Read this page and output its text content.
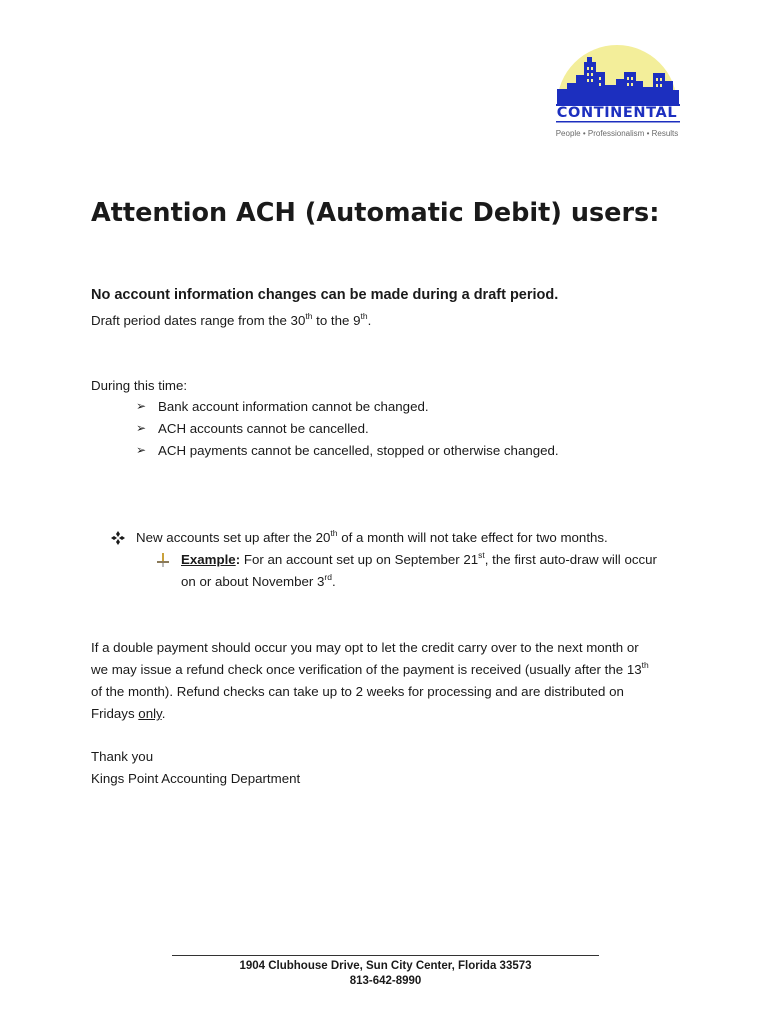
CONTINENTAL
People • Professionalism • Results
Attention ACH (Automatic Debit) users:
No account information changes can be made during a draft period.
Draft period dates range from the 30th to the 9th.
During this time:
➢ Bank account information cannot be changed.
➢ ACH accounts cannot be cancelled.
➢ ACH payments cannot be cancelled, stopped or otherwise changed.
New accounts set up after the 20th of a month will not take effect for two months.
Example: For an account set up on September 21st, the first auto-draw will occur
on or about November 3rd.
If a double payment should occur you may opt to let the credit carry over to the next month or
we may issue a refund check once verification of the payment is received (usually after the 13th
of the month). Refund checks can take up to 2 weeks for processing and are distributed on
Fridays only.
Thank you
Kings Point Accounting Department
1904 Clubhouse Drive, Sun City Center, Florida 33573
813-642-8990
